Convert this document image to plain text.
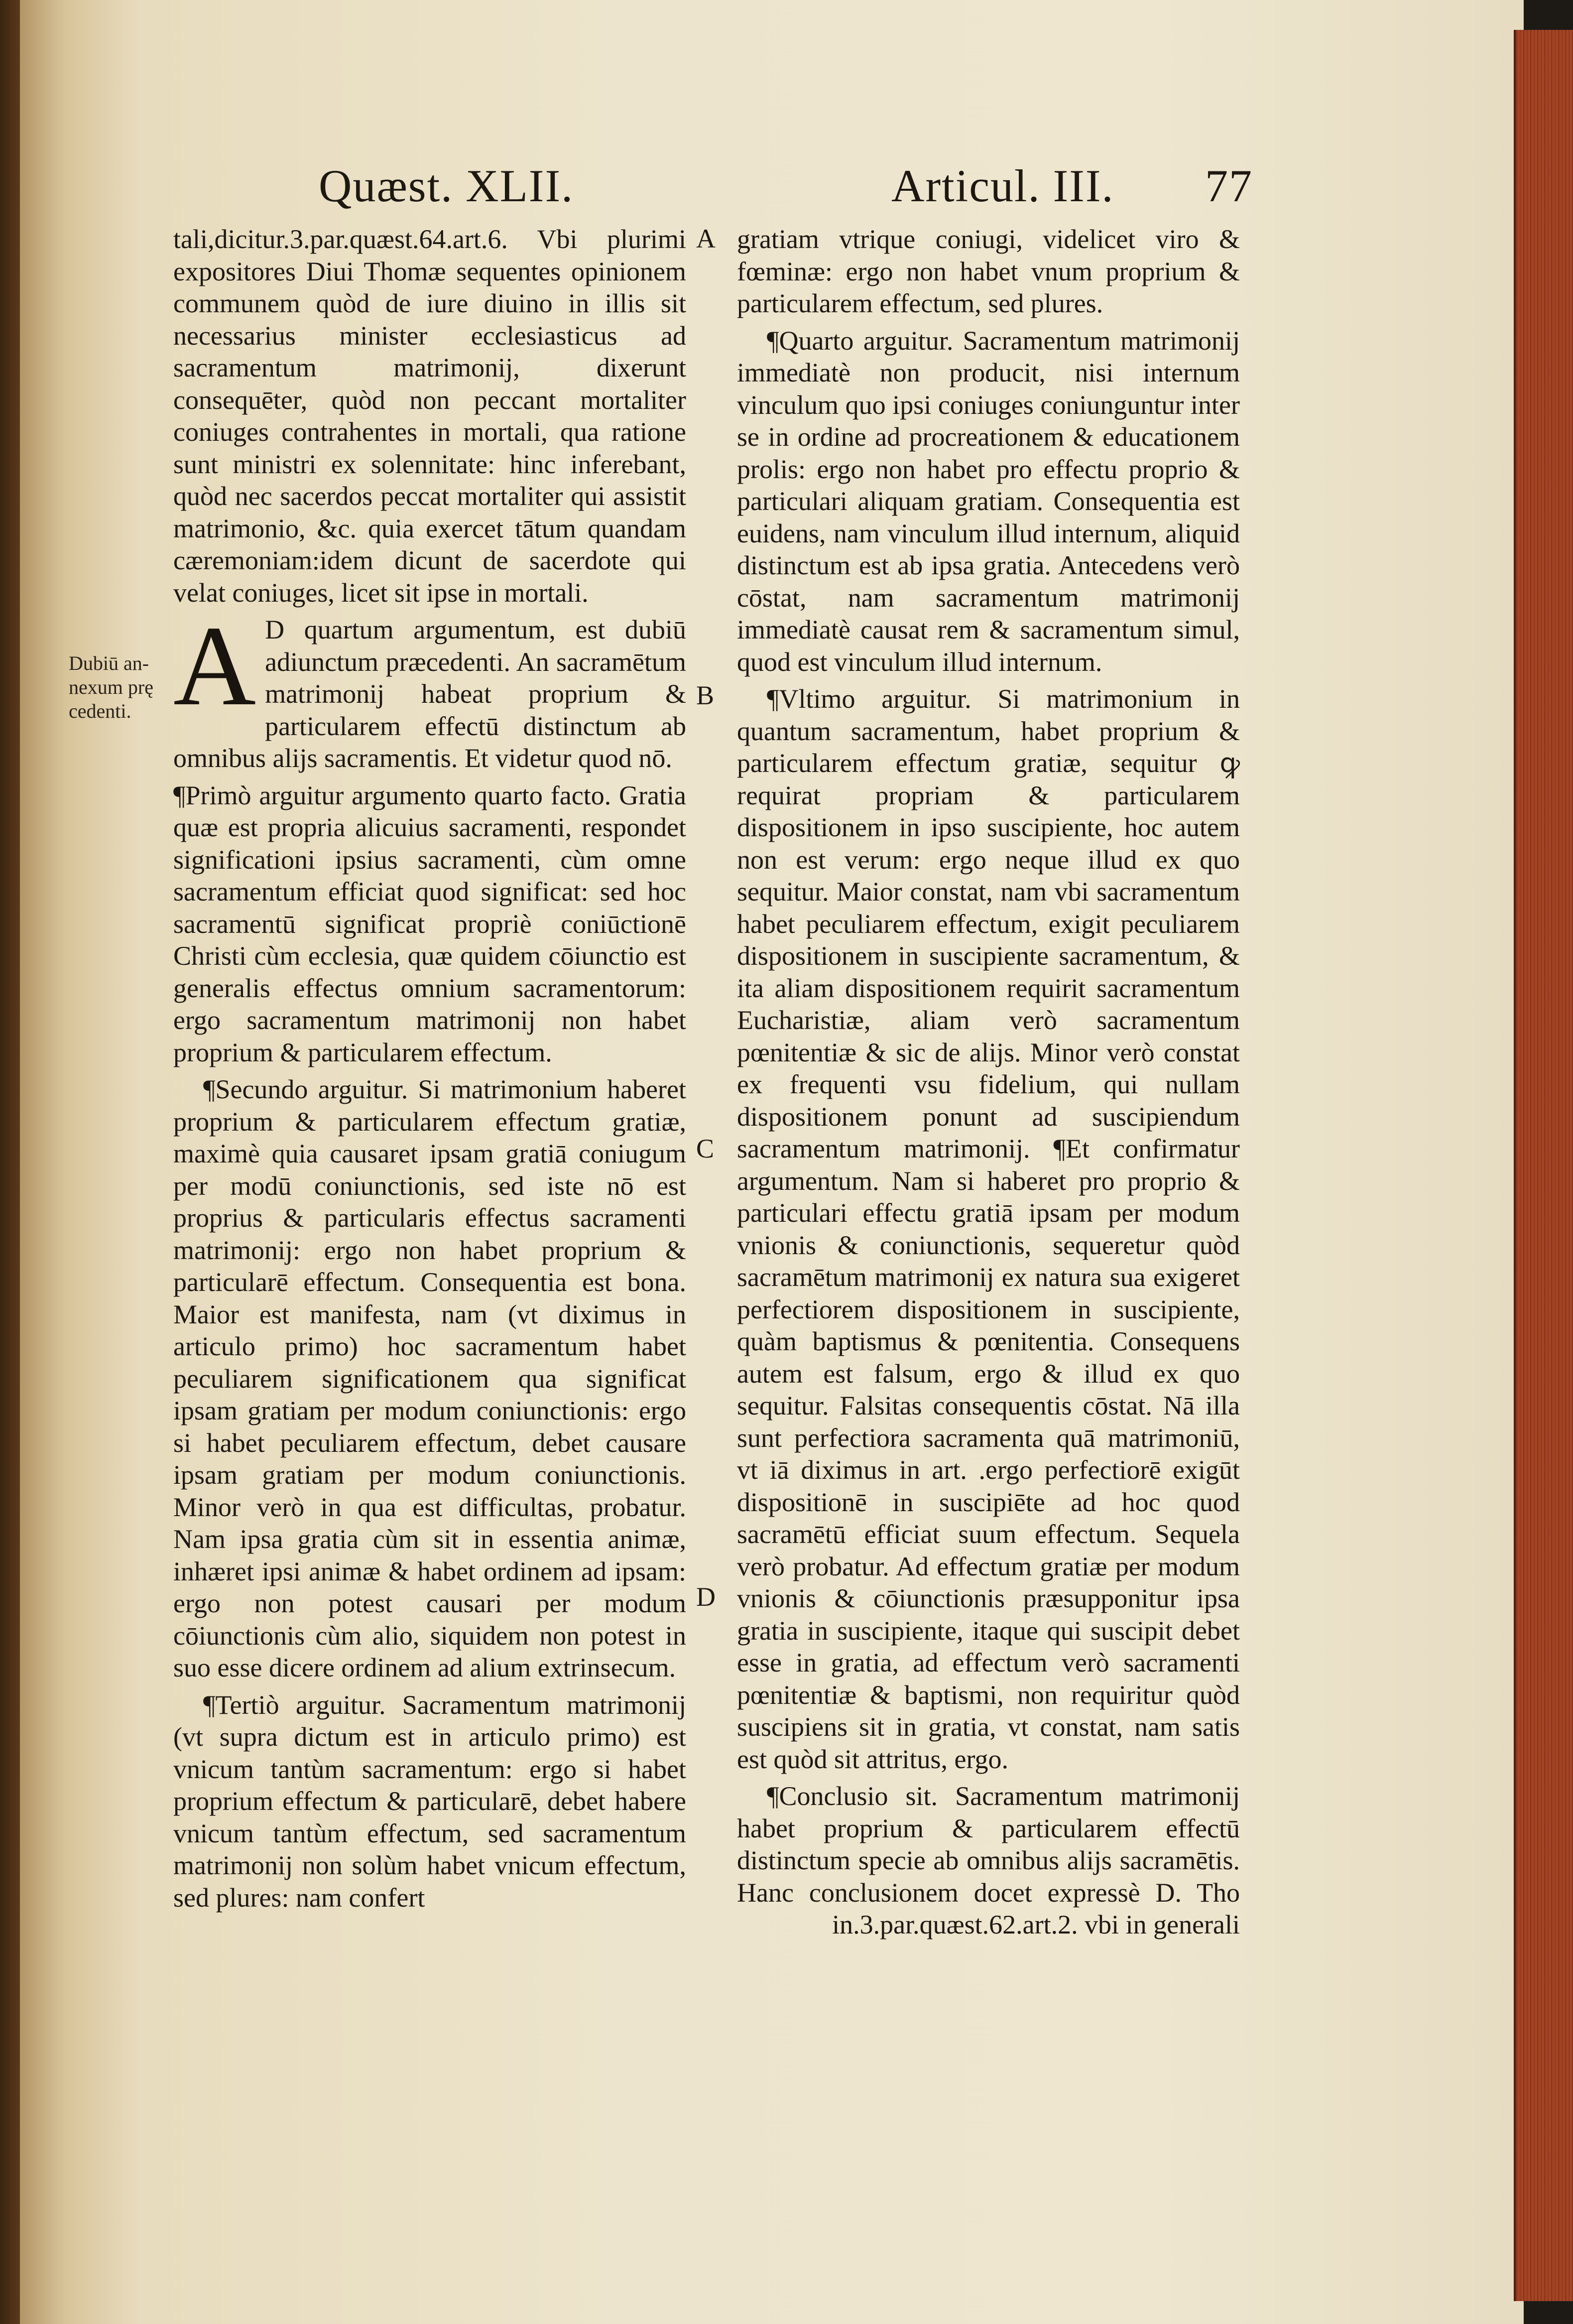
Quæst. XLII.	Articul. III. 77
Dubiū an-
nexum prę
cedenti.
A
B
C
D

tali,dicitur.3.par.quæst.64.art.6. Vbi plurimi expositores Diui Thomæ sequentes opinionem communem quòd de iure diuino in illis sit necessarius minister ecclesiasticus ad sacramentum matrimonij, dixerunt consequēter, quòd non peccant mortaliter coniuges contrahentes in mortali, qua ratione sunt ministri ex solennitate: hinc inferebant, quòd nec sacerdos peccat mortaliter qui assistit matrimonio, &c. quia exercet tātum quandam cæremoniam:idem dicunt de sacerdote qui velat coniuges, licet sit ipse in mortali.

A D quartum argumentum, est dubiū adiunctum præcedenti. An sacramētum matrimonij habeat proprium & particularem effectū distinctum ab omnibus alijs sacramentis. Et videtur quod nō.

¶Primò arguitur argumento quarto facto. Gratia quæ est propria alicuius sacramenti, respondet significationi ipsius sacramenti, cùm omne sacramentum efficiat quod significat: sed hoc sacramentū significat propriè coniūctionē Christi cùm ecclesia, quæ quidem cōiunctio est generalis effectus omnium sacramentorum: ergo sacramentum matrimonij non habet proprium & particularem effectum.

¶Secundo arguitur. Si matrimonium haberet proprium & particularem effectum gratiæ, maximè quia causaret ipsam gratiā coniugum per modū coniunctionis, sed iste nō est proprius & particularis effectus sacramenti matrimonij: ergo non habet proprium & particularē effectum. Consequentia est bona. Maior est manifesta, nam (vt diximus in articulo primo) hoc sacramentum habet peculiarem significationem qua significat ipsam gratiam per modum coniunctionis: ergo si habet peculiarem effectum, debet causare ipsam gratiam per modum coniunctionis. Minor verò in qua est difficultas, probatur. Nam ipsa gratia cùm sit in essentia animæ, inhæret ipsi animæ & habet ordinem ad ipsam: ergo non potest causari per modum cōiunctionis cùm alio, siquidem non potest in suo esse dicere ordinem ad alium extrinsecum.

¶Tertiò arguitur. Sacramentum matrimonij (vt supra dictum est in articulo primo) est vnicum tantùm sacramentum: ergo si habet proprium effectum & particularē, debet habere vnicum tantùm effectum, sed sacramentum matrimonij non solùm habet vnicum effectum, sed plures: nam confert

gratiam vtrique coniugi, videlicet viro & fœminæ: ergo non habet vnum proprium & particularem effectum, sed plures.

¶Quarto arguitur. Sacramentum matrimonij immediatè non producit, nisi internum vinculum quo ipsi coniuges coniunguntur inter se in ordine ad procreationem & educationem prolis: ergo non habet pro effectu proprio & particulari aliquam gratiam. Consequentia est euidens, nam vinculum illud internum, aliquid distinctum est ab ipsa gratia. Antecedens verò cōstat, nam sacramentum matrimonij immediatè causat rem & sacramentum simul, quod est vinculum illud internum.

¶Vltimo arguitur. Si matrimonium in quantum sacramentum, habet proprium & particularem effectum gratiæ, sequitur ꝙ requirat propriam & particularem dispositionem in ipso suscipiente, hoc autem non est verum: ergo neque illud ex quo sequitur. Maior constat, nam vbi sacramentum habet peculiarem effectum, exigit peculiarem dispositionem in suscipiente sacramentum, & ita aliam dispositionem requirit sacramentum Eucharistiæ, aliam verò sacramentum pœnitentiæ & sic de alijs. Minor verò constat ex frequenti vsu fidelium, qui nullam dispositionem ponunt ad suscipiendum sacramentum matrimonij. ¶Et confirmatur argumentum. Nam si haberet pro proprio & particulari effectu gratiā ipsam per modum vnionis & coniunctionis, sequeretur quòd sacramētum matrimonij ex natura sua exigeret perfectiorem dispositionem in suscipiente, quàm baptismus & pœnitentia. Consequens autem est falsum, ergo & illud ex quo sequitur. Falsitas consequentis cōstat. Nā illa sunt perfectiora sacramenta quā matrimoniū, vt iā diximus in art. .ergo perfectiorē exigūt dispositionē in suscipiēte ad hoc quod sacramētū efficiat suum effectum. Sequela verò probatur. Ad effectum gratiæ per modum vnionis & cōiunctionis præsupponitur ipsa gratia in suscipiente, itaque qui suscipit debet esse in gratia, ad effectum verò sacramenti pœnitentiæ & baptismi, non requiritur quòd suscipiens sit in gratia, vt constat, nam satis est quòd sit attritus, ergo.

¶Conclusio sit. Sacramentum matrimonij habet proprium & particularem effectū distinctum specie ab omnibus alijs sacramētis. Hanc conclusionem docet expressè D. Tho in.3.par.quæst.62.art.2. vbi in generali
